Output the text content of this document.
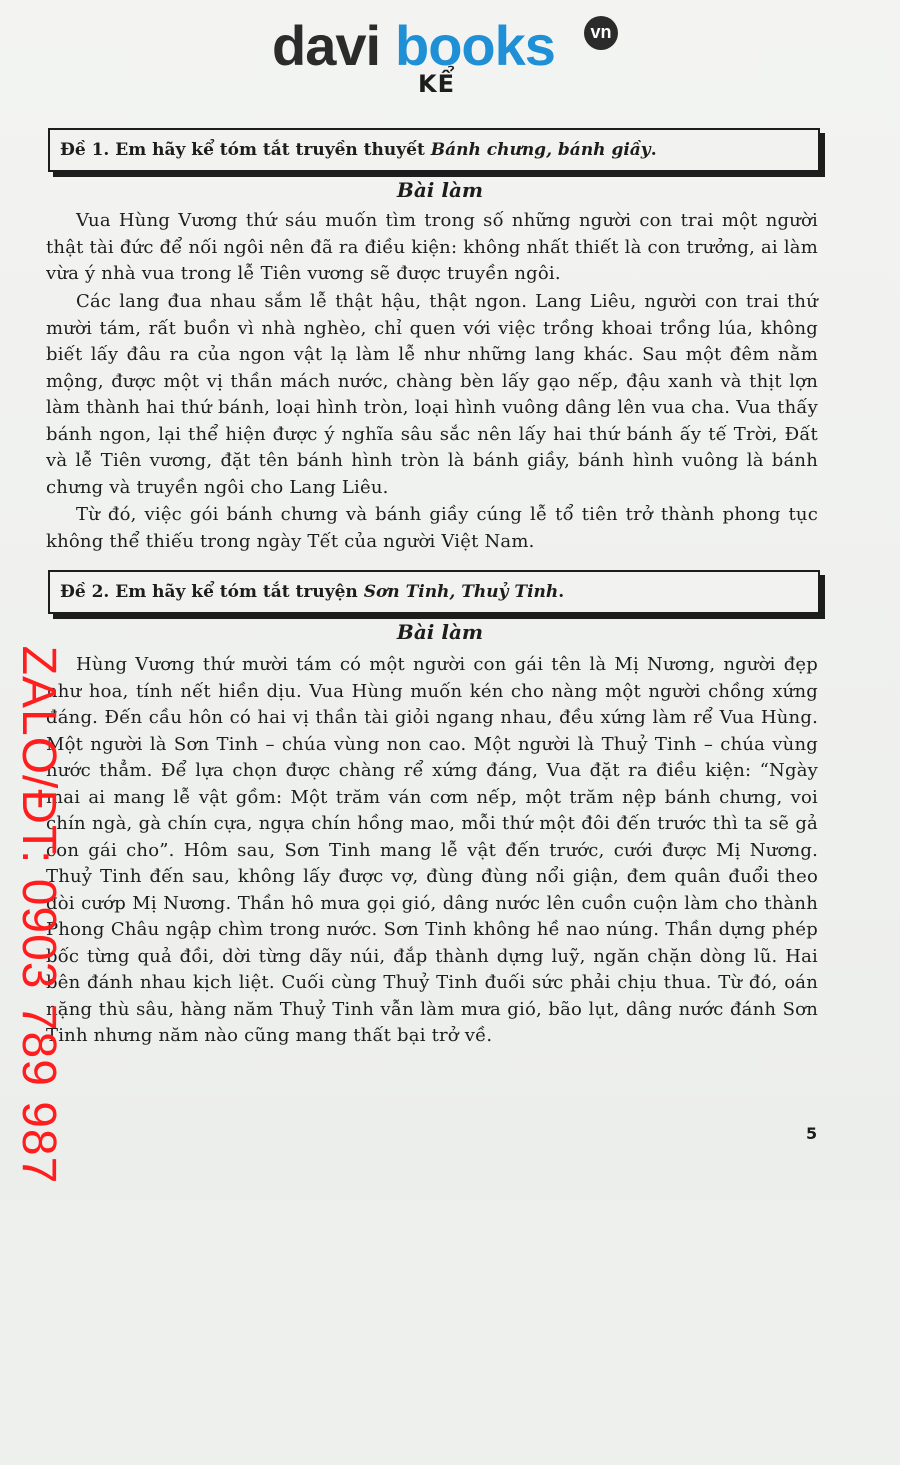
davi books	vn
KỂ
Đề 1. Em hãy kể tóm tắt truyền thuyết Bánh chưng, bánh giầy.
Bài làm

Vua Hùng Vương thứ sáu muốn tìm trong số những người con trai một người thật tài đức để nối ngôi nên đã ra điều kiện: không nhất thiết là con trưởng, ai làm vừa ý nhà vua trong lễ Tiên vương sẽ được truyền ngôi.

Các lang đua nhau sắm lễ thật hậu, thật ngon. Lang Liêu, người con trai thứ mười tám, rất buồn vì nhà nghèo, chỉ quen với việc trồng khoai trồng lúa, không biết lấy đâu ra của ngon vật lạ làm lễ như những lang khác. Sau một đêm nằm mộng, được một vị thần mách nước, chàng bèn lấy gạo nếp, đậu xanh và thịt lợn làm thành hai thứ bánh, loại hình tròn, loại hình vuông dâng lên vua cha. Vua thấy bánh ngon, lại thể hiện được ý nghĩa sâu sắc nên lấy hai thứ bánh ấy tế Trời, Đất và lễ Tiên vương, đặt tên bánh hình tròn là bánh giầy, bánh hình vuông là bánh chưng và truyền ngôi cho Lang Liêu.

Từ đó, việc gói bánh chưng và bánh giầy cúng lễ tổ tiên trở thành phong tục không thể thiếu trong ngày Tết của người Việt Nam.

Đề 2. Em hãy kể tóm tắt truyện Sơn Tinh, Thuỷ Tinh.
Bài làm

Hùng Vương thứ mười tám có một người con gái tên là Mị Nương, người đẹp như hoa, tính nết hiền dịu. Vua Hùng muốn kén cho nàng một người chồng xứng đáng. Đến cầu hôn có hai vị thần tài giỏi ngang nhau, đều xứng làm rể Vua Hùng. Một người là Sơn Tinh – chúa vùng non cao. Một người là Thuỷ Tinh – chúa vùng nước thẳm. Để lựa chọn được chàng rể xứng đáng, Vua đặt ra điều kiện: “Ngày mai ai mang lễ vật gồm: Một trăm ván cơm nếp, một trăm nệp bánh chưng, voi chín ngà, gà chín cựa, ngựa chín hồng mao, mỗi thứ một đôi đến trước thì ta sẽ gả con gái cho”. Hôm sau, Sơn Tinh mang lễ vật đến trước, cưới được Mị Nương. Thuỷ Tinh đến sau, không lấy được vợ, đùng đùng nổi giận, đem quân đuổi theo đòi cướp Mị Nương. Thần hô mưa gọi gió, dâng nước lên cuồn cuộn làm cho thành Phong Châu ngập chìm trong nước. Sơn Tinh không hề nao núng. Thần dựng phép bốc từng quả đồi, dời từng dãy núi, đắp thành dựng luỹ, ngăn chặn dòng lũ. Hai bên đánh nhau kịch liệt. Cuối cùng Thuỷ Tinh đuối sức phải chịu thua. Từ đó, oán nặng thù sâu, hàng năm Thuỷ Tinh vẫn làm mưa gió, bão lụt, dâng nước đánh Sơn Tinh nhưng năm nào cũng mang thất bại trở về.

5
ZALO/ĐT: 0903 789 987
